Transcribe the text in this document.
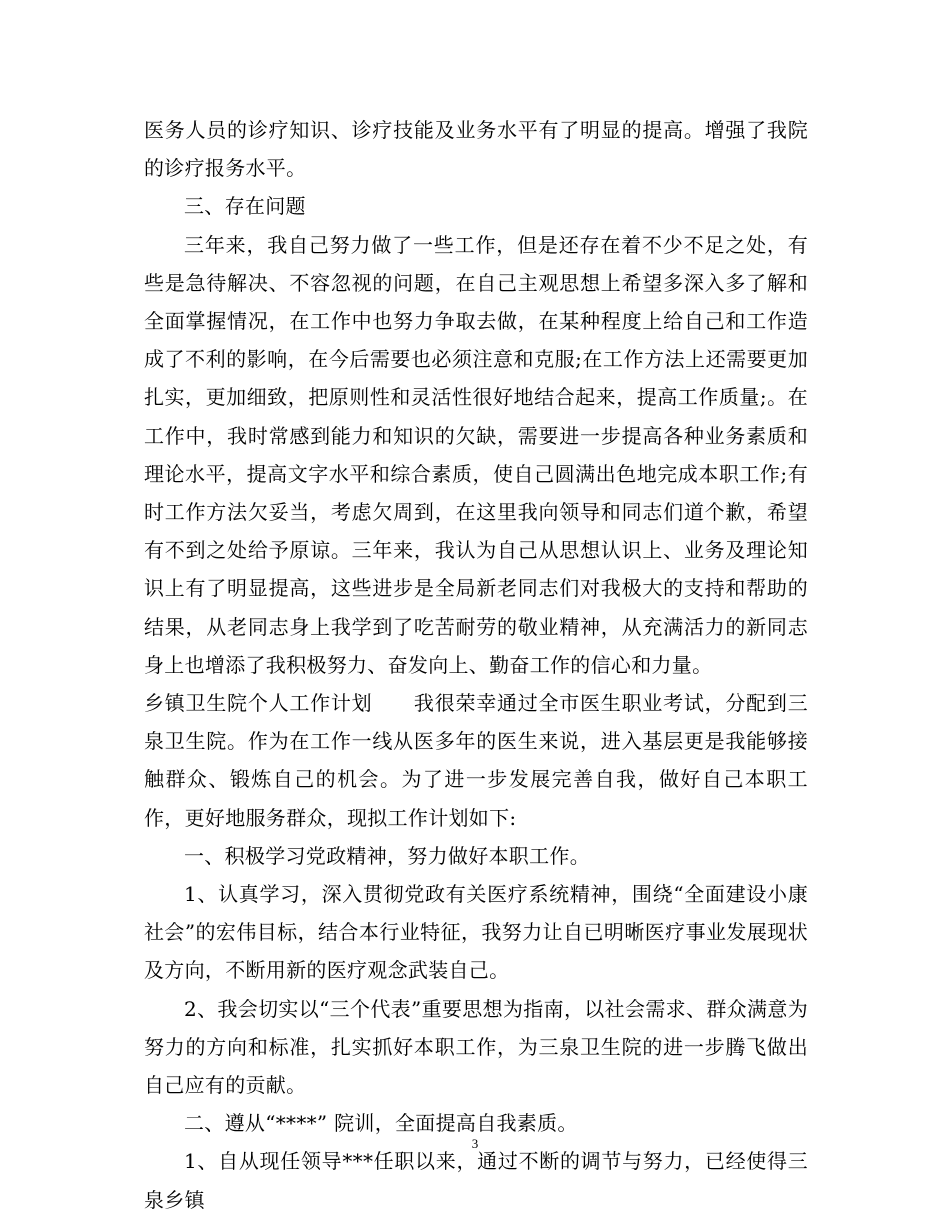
医务人员的诊疗知识、诊疗技能及业务水平有了明显的提高。增强了我院的诊疗报务水平。

三、存在问题

三年来，我自己努力做了一些工作，但是还存在着不少不足之处，有些是急待解决、不容忽视的问题，在自己主观思想上希望多深入多了解和全面掌握情况，在工作中也努力争取去做，在某种程度上给自己和工作造成了不利的影响，在今后需要也必须注意和克服;在工作方法上还需要更加扎实，更加细致，把原则性和灵活性很好地结合起来，提高工作质量;。在工作中，我时常感到能力和知识的欠缺，需要进一步提高各种业务素质和理论水平，提高文字水平和综合素质，使自己圆满出色地完成本职工作;有时工作方法欠妥当，考虑欠周到，在这里我向领导和同志们道个歉，希望有不到之处给予原谅。三年来，我认为自己从思想认识上、业务及理论知识上有了明显提高，这些进步是全局新老同志们对我极大的支持和帮助的结果，从老同志身上我学到了吃苦耐劳的敬业精神，从充满活力的新同志身上也增添了我积极努力、奋发向上、勤奋工作的信心和力量。

乡镇卫生院个人工作计划　　我很荣幸通过全市医生职业考试，分配到三泉卫生院。作为在工作一线从医多年的医生来说，进入基层更是我能够接触群众、锻炼自己的机会。为了进一步发展完善自我，做好自己本职工作，更好地服务群众，现拟工作计划如下:

一、积极学习党政精神，努力做好本职工作。

1、认真学习，深入贯彻党政有关医疗系统精神，围绕“全面建设小康社会”的宏伟目标，结合本行业特征，我努力让自已明晰医疗事业发展现状及方向，不断用新的医疗观念武装自己。

2、我会切实以“三个代表”重要思想为指南，以社会需求、群众满意为努力的方向和标准，扎实抓好本职工作，为三泉卫生院的进一步腾飞做出自己应有的贡献。

二、遵从“****” 院训，全面提高自我素质。

1、自从现任领导***任职以来，通过不断的调节与努力，已经使得三泉乡镇

3
